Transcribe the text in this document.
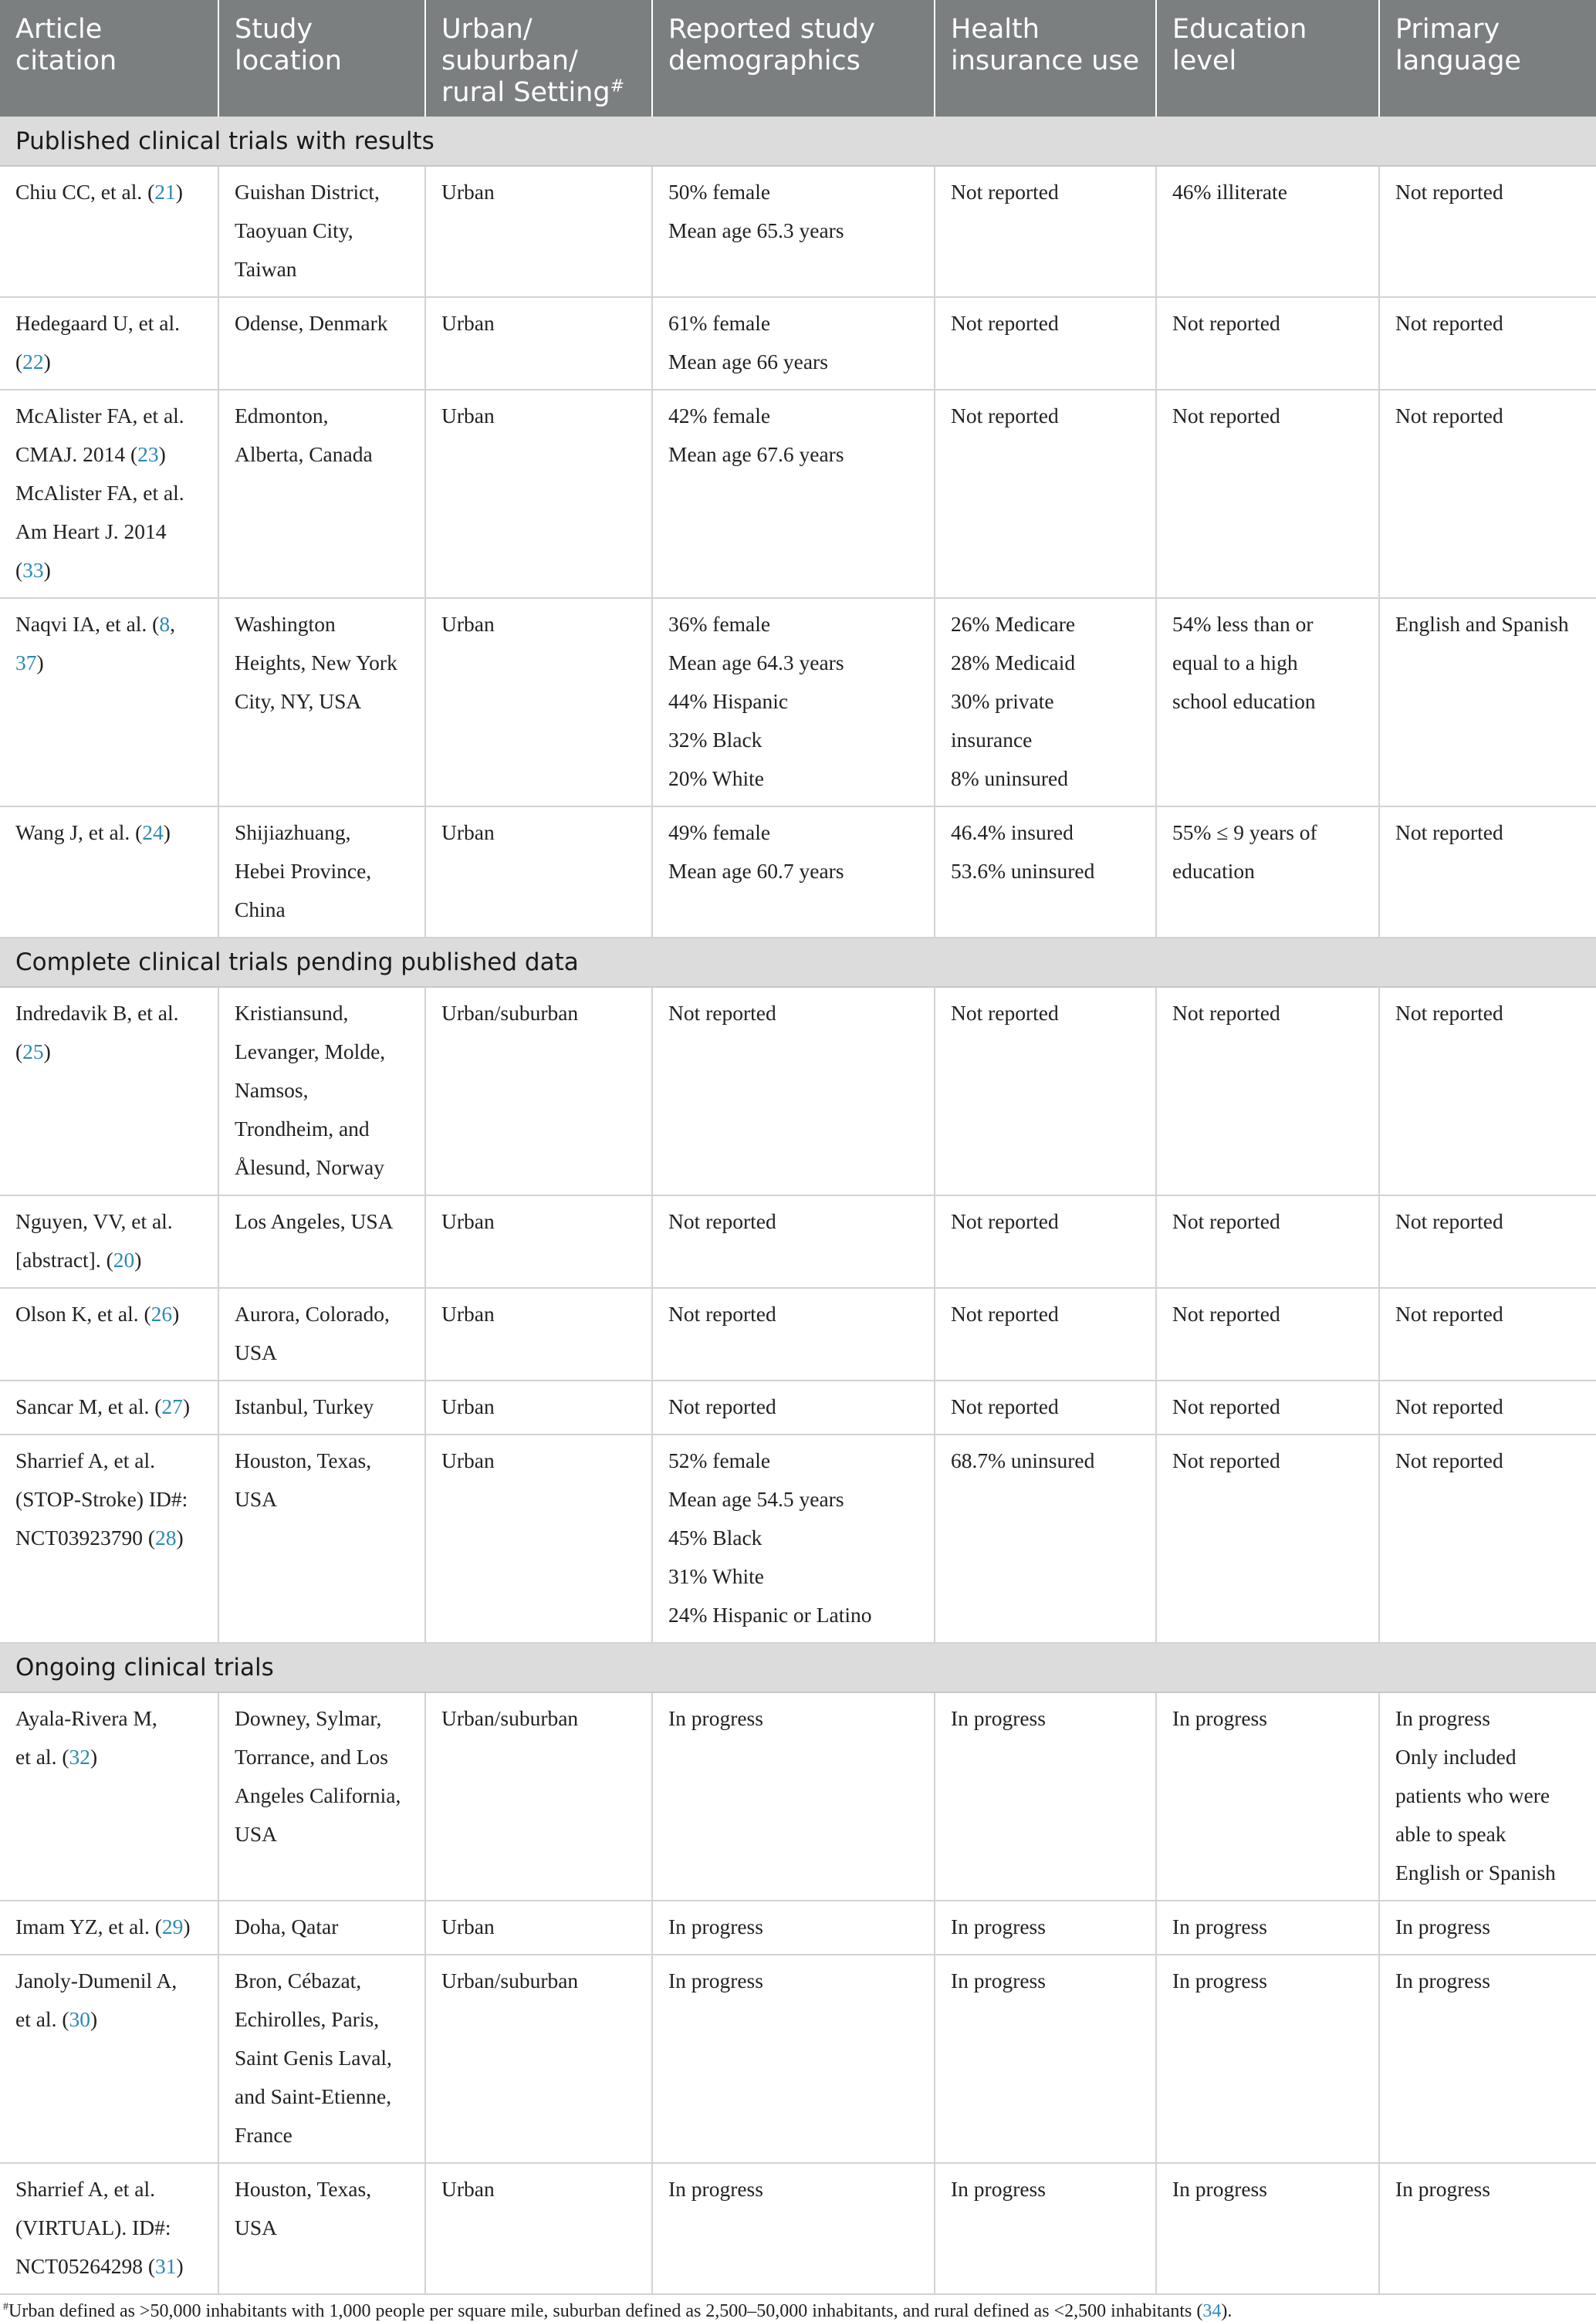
Article citation	Study location	Urban/ suburban/ rural Setting#	Reported study demographics	Health insurance use	Education level	Primary language
Published clinical trials with results						

Chiu CC, et al. (21)	Guishan District,
Taoyuan City,
Taiwan	Urban	50% female
Mean age 65.3 years	Not reported	46% illiterate	Not reported

Hedegaard U, et al.
(22)	Odense, Denmark	Urban	61% female
Mean age 66 years	Not reported	Not reported	Not reported

McAlister FA, et al.
CMAJ. 2014 (23)
McAlister FA, et al.
Am Heart J. 2014
(33)	Edmonton,
Alberta, Canada	Urban	42% female
Mean age 67.6 years	Not reported	Not reported	Not reported

Naqvi IA, et al. (8,
37)	Washington
Heights, New York
City, NY, USA	Urban	36% female
Mean age 64.3 years
44% Hispanic
32% Black
20% White	26% Medicare
28% Medicaid
30% private
insurance
8% uninsured	54% less than or
equal to a high
school education	English and Spanish

Wang J, et al. (24)	Shijiazhuang,
Hebei Province,
China	Urban	49% female
Mean age 60.7 years	46.4% insured
53.6% uninsured	55% ≤ 9 years of
education	Not reported

Complete clinical trials pending published data						

Indredavik B, et al.
(25)	Kristiansund,
Levanger, Molde,
Namsos,
Trondheim, and
Ålesund, Norway	Urban/suburban	Not reported	Not reported	Not reported	Not reported

Nguyen, VV, et al.
[abstract]. (20)	Los Angeles, USA	Urban	Not reported	Not reported	Not reported	Not reported

Olson K, et al. (26)	Aurora, Colorado,
USA	Urban	Not reported	Not reported	Not reported	Not reported

Sancar M, et al. (27)	Istanbul, Turkey	Urban	Not reported	Not reported	Not reported	Not reported

Sharrief A, et al.
(STOP-Stroke) ID#:
NCT03923790 (28)	Houston, Texas,
USA	Urban	52% female
Mean age 54.5 years
45% Black
31% White
24% Hispanic or Latino	68.7% uninsured	Not reported	Not reported

Ongoing clinical trials						

Ayala-Rivera M,
et al. (32)	Downey, Sylmar,
Torrance, and Los
Angeles California,
USA	Urban/suburban	In progress	In progress	In progress	In progress
Only included
patients who were
able to speak
English or Spanish

Imam YZ, et al. (29)	Doha, Qatar	Urban	In progress	In progress	In progress	In progress

Janoly-Dumenil A,
et al. (30)	Bron, Cébazat,
Echirolles, Paris,
Saint Genis Laval,
and Saint-Etienne,
France	Urban/suburban	In progress	In progress	In progress	In progress

Sharrief A, et al.
(VIRTUAL). ID#:
NCT05264298 (31)	Houston, Texas,
USA	Urban	In progress	In progress	In progress	In progress
#Urban defined as >50,000 inhabitants with 1,000 people per square mile, suburban defined as 2,500–50,000 inhabitants, and rural defined as <2,500 inhabitants (34).
